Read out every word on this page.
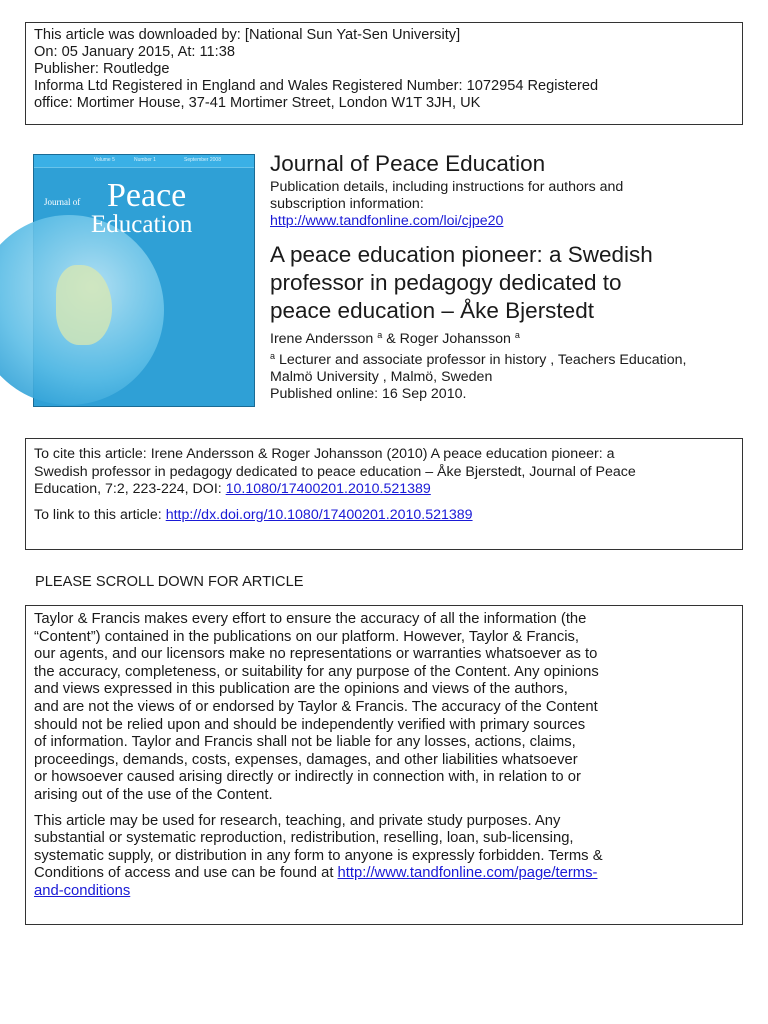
This article was downloaded by: [National Sun Yat-Sen University]
On: 05 January 2015, At: 11:38
Publisher: Routledge
Informa Ltd Registered in England and Wales Registered Number: 1072954 Registered
office: Mortimer House, 37-41 Mortimer Street, London W1T 3JH, UK
Volume 5	Number 1	September 2008
Journal of Peace
Education
Journal of Peace Education
Publication details, including instructions for authors and
subscription information:
http://www.tandfonline.com/loi/cjpe20
A peace education pioneer: a Swedish
professor in pedagogy dedicated to
peace education – Åke Bjerstedt
Irene Andersson $^a$ & Roger Johansson $^a$
$^a$ Lecturer and associate professor in history , Teachers Education,
Malmö University , Malmö, Sweden
Published online: 16 Sep 2010.
To cite this article: Irene Andersson & Roger Johansson (2010) A peace education pioneer: a
Swedish professor in pedagogy dedicated to peace education – Åke Bjerstedt, Journal of Peace
Education, 7:2, 223-224, DOI: 10.1080/17400201.2010.521389
To link to this article: http://dx.doi.org/10.1080/17400201.2010.521389
PLEASE SCROLL DOWN FOR ARTICLE
Taylor & Francis makes every effort to ensure the accuracy of all the information (the
“Content”) contained in the publications on our platform. However, Taylor & Francis,
our agents, and our licensors make no representations or warranties whatsoever as to
the accuracy, completeness, or suitability for any purpose of the Content. Any opinions
and views expressed in this publication are the opinions and views of the authors,
and are not the views of or endorsed by Taylor & Francis. The accuracy of the Content
should not be relied upon and should be independently verified with primary sources
of information. Taylor and Francis shall not be liable for any losses, actions, claims,
proceedings, demands, costs, expenses, damages, and other liabilities whatsoever
or howsoever caused arising directly or indirectly in connection with, in relation to or
arising out of the use of the Content.
This article may be used for research, teaching, and private study purposes. Any
substantial or systematic reproduction, redistribution, reselling, loan, sub-licensing,
systematic supply, or distribution in any form to anyone is expressly forbidden. Terms &
Conditions of access and use can be found at http://www.tandfonline.com/page/terms-
and-conditions
